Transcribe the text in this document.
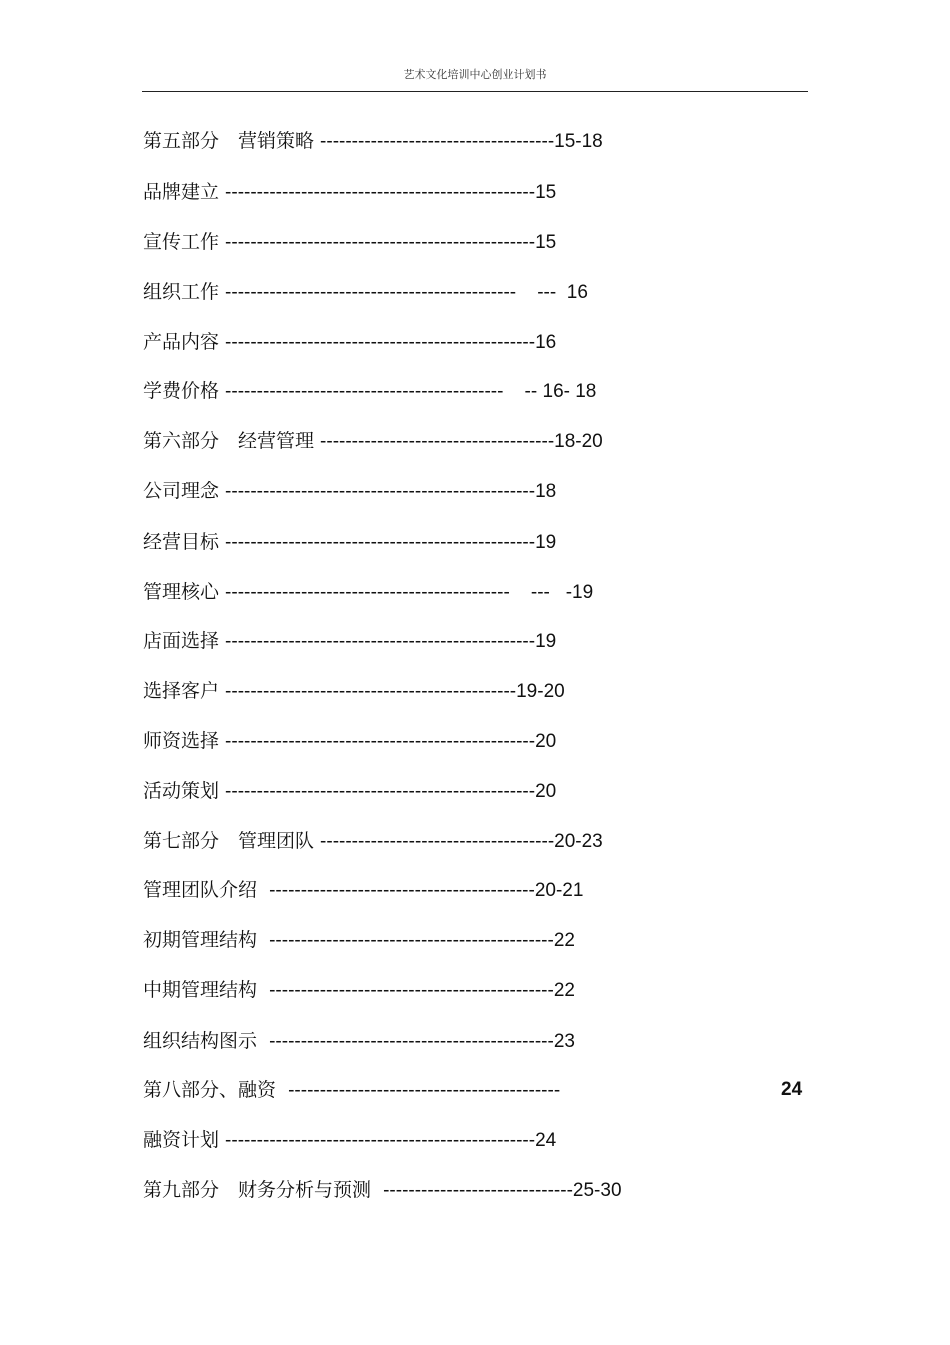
艺术文化培训中心创业计划书
第五部分　营销策略 -------------------------------------15-18
品牌建立 -------------------------------------------------15
宣传工作 -------------------------------------------------15
组织工作 ----------------------------------------------    ---  16
产品内容 -------------------------------------------------16
学费价格 --------------------------------------------    -- 16- 18
第六部分　经营管理 -------------------------------------18-20
公司理念 -------------------------------------------------18
经营目标 -------------------------------------------------19
管理核心 ---------------------------------------------    ---   -19
店面选择 -------------------------------------------------19
选择客户 ----------------------------------------------19-20
师资选择 -------------------------------------------------20
活动策划 -------------------------------------------------20
第七部分　管理团队 -------------------------------------20-23
管理团队介绍  ------------------------------------------20-21
初期管理结构  ---------------------------------------------22
中期管理结构  ---------------------------------------------22
组织结构图示  ---------------------------------------------23
第八部分、融资  -------------------------------------------
融资计划 -------------------------------------------------24
第九部分　财务分析与预测  ------------------------------25-30
24
